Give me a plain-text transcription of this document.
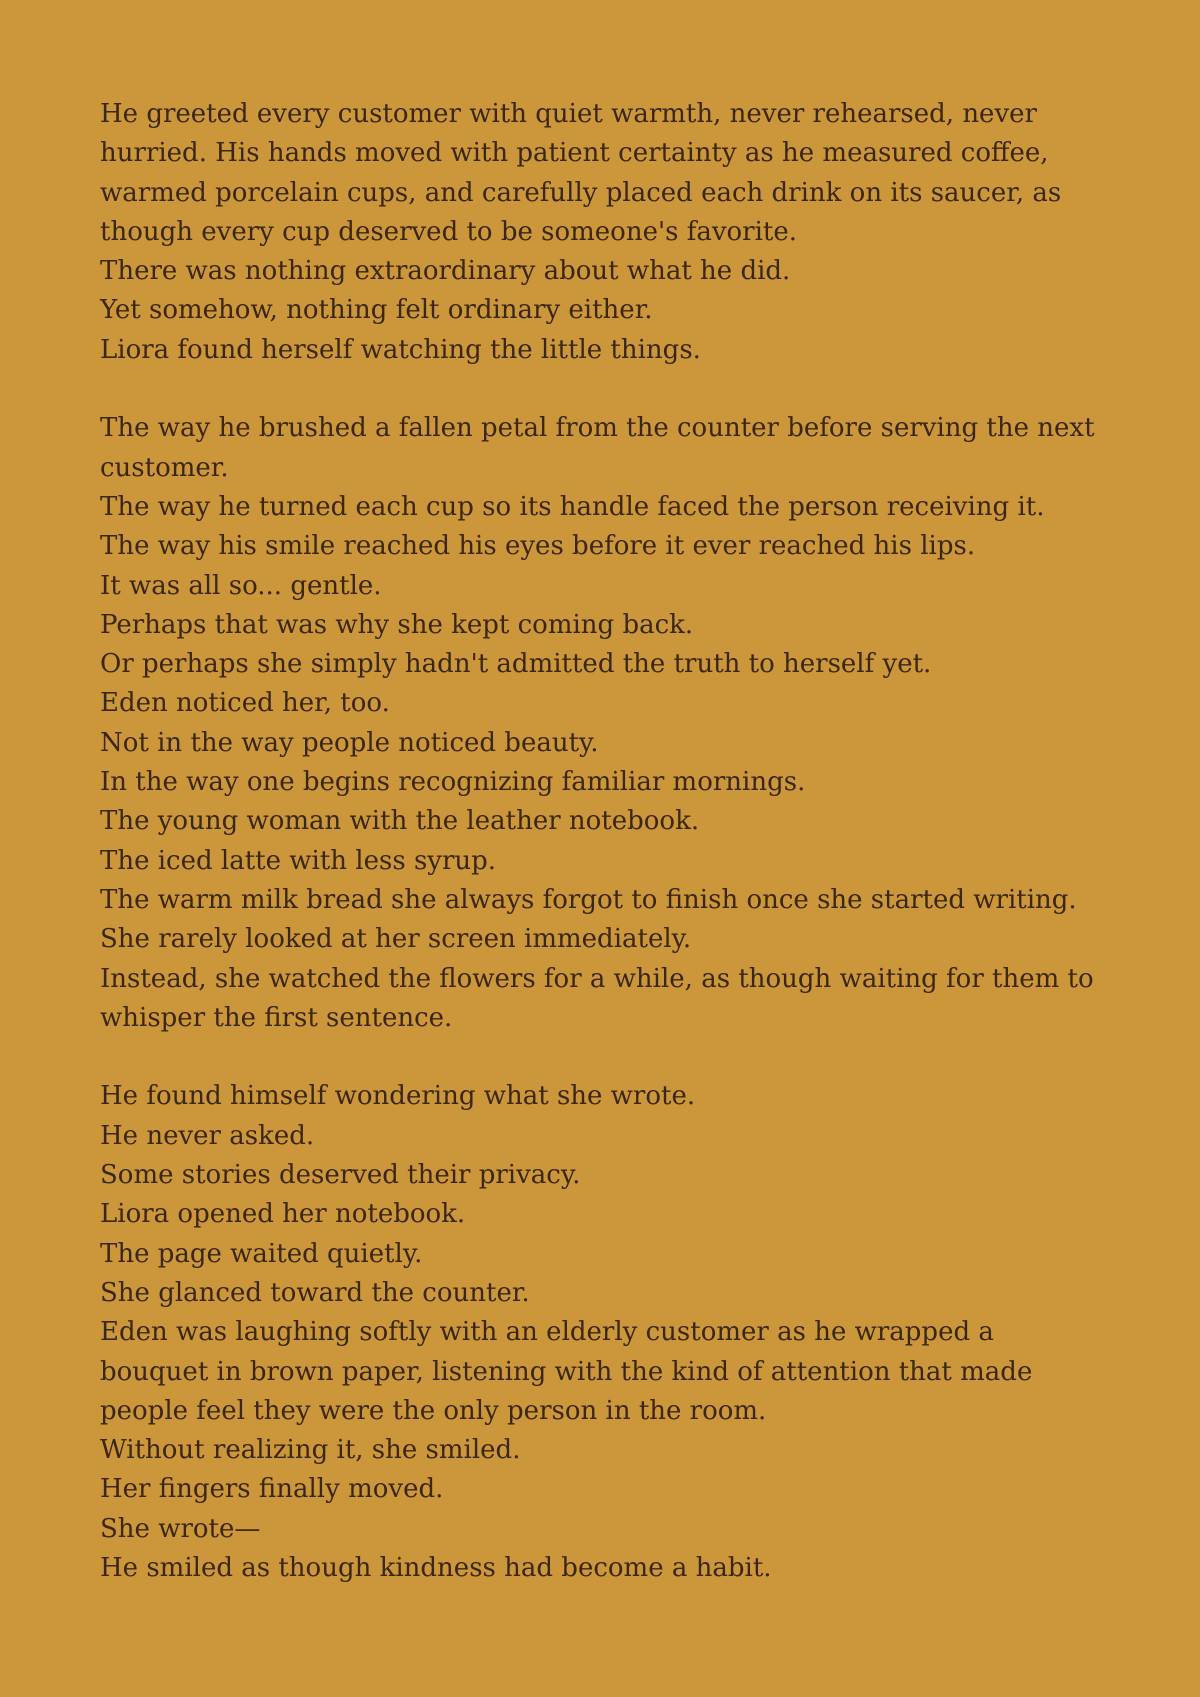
He greeted every customer with quiet warmth, never rehearsed, never hurried. His hands moved with patient certainty as he measured coffee, warmed porcelain cups, and carefully placed each drink on its saucer, as though every cup deserved to be someone's favorite.
There was nothing extraordinary about what he did.
Yet somehow, nothing felt ordinary either.
Liora found herself watching the little things.
The way he brushed a fallen petal from the counter before serving the next customer.
The way he turned each cup so its handle faced the person receiving it.
The way his smile reached his eyes before it ever reached his lips.
It was all so... gentle.
Perhaps that was why she kept coming back.
Or perhaps she simply hadn't admitted the truth to herself yet.
Eden noticed her, too.
Not in the way people noticed beauty.
In the way one begins recognizing familiar mornings.
The young woman with the leather notebook.
The iced latte with less syrup.
The warm milk bread she always forgot to finish once she started writing.
She rarely looked at her screen immediately.
Instead, she watched the flowers for a while, as though waiting for them to whisper the first sentence.
He found himself wondering what she wrote.
He never asked.
Some stories deserved their privacy.
Liora opened her notebook.
The page waited quietly.
She glanced toward the counter.
Eden was laughing softly with an elderly customer as he wrapped a bouquet in brown paper, listening with the kind of attention that made people feel they were the only person in the room.
Without realizing it, she smiled.
Her fingers finally moved.
She wrote—
He smiled as though kindness had become a habit.
